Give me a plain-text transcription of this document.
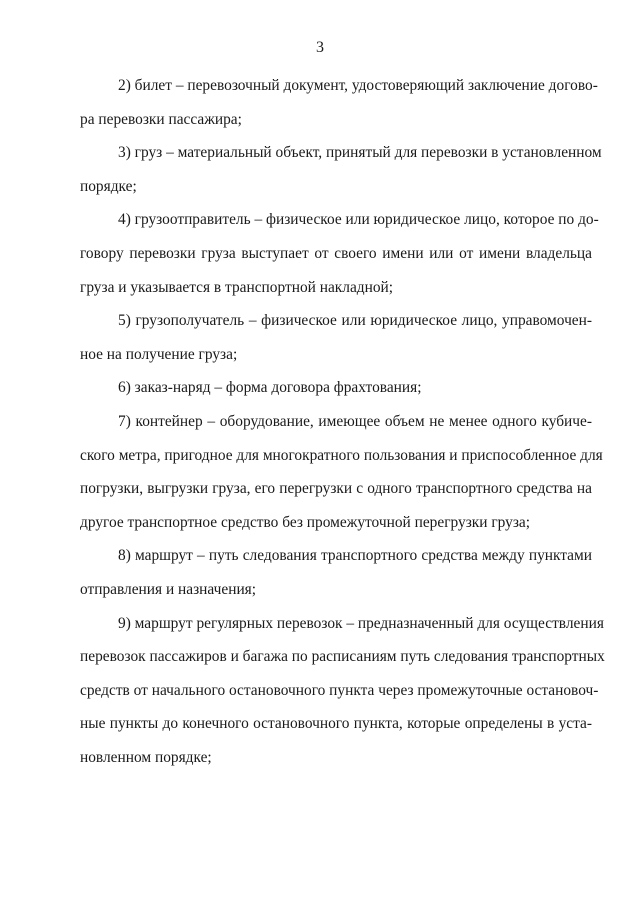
3

2) билет – перевозочный документ, удостоверяющий заключение догово-
ра перевозки пассажира;

3) груз – материальный объект, принятый для перевозки в установленном
порядке;

4) грузоотправитель – физическое или юридическое лицо, которое по до-
говору перевозки груза выступает от своего имени или от имени владельца
груза и указывается в транспортной накладной;

5) грузополучатель – физическое или юридическое лицо, управомочен-
ное на получение груза;

6) заказ-наряд – форма договора фрахтования;

7) контейнер – оборудование, имеющее объем не менее одного кубиче-
ского метра, пригодное для многократного пользования и приспособленное для
погрузки, выгрузки груза, его перегрузки с одного транспортного средства на
другое транспортное средство без промежуточной перегрузки груза;

8) маршрут – путь следования транспортного средства между пунктами
отправления и назначения;

9) маршрут регулярных перевозок – предназначенный для осуществления
перевозок пассажиров и багажа по расписаниям путь следования транспортных
средств от начального остановочного пункта через промежуточные остановоч-
ные пункты до конечного остановочного пункта, которые определены в уста-
новленном порядке;
